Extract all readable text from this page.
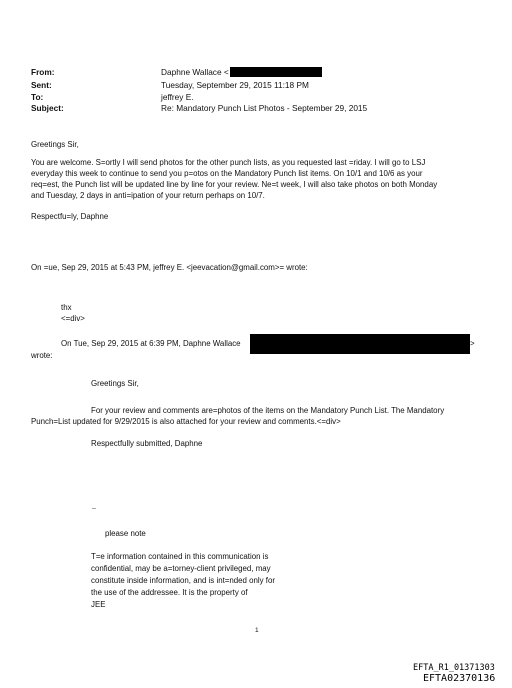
From:	Daphne Wallace <
Sent:	Tuesday, September 29, 2015 11:18 PM
To:	jeffrey E.
Subject:	Re: Mandatory Punch List Photos - September 29, 2015
Greetings Sir,
You are welcome. S=ortly I will send photos for the other punch lists, as you requested last =riday. I will go to LSJ
everyday this week to continue to send you p=otos on the Mandatory Punch list items. On 10/1 and 10/6 as your
req=est, the Punch list will be updated line by line for your review. Ne=t week, I will also take photos on both Monday
and Tuesday, 2 days in anti=ipation of your return perhaps on 10/7.
Respectfu=ly, Daphne
On =ue, Sep 29, 2015 at 5:43 PM, jeffrey E. <jeevacation@gmail.com>= wrote:
thx
<=div>
On Tue, Sep 29, 2015 at 6:39 PM, Daphne Wallace	>
wrote:
Greetings Sir,
For your review and comments are=photos of the items on the Mandatory Punch List. The Mandatory
Punch=List updated for 9/29/2015 is also attached for your review and comments.<=div>
Respectfully submitted, Daphne
--
please note
T=e information contained in this communication is
confidential, may be a=torney-client privileged, may
constitute inside information, and is int=nded only for
the use of the addressee. It is the property of
JEE
1
EFTA_R1_01371303
EFTA02370136
